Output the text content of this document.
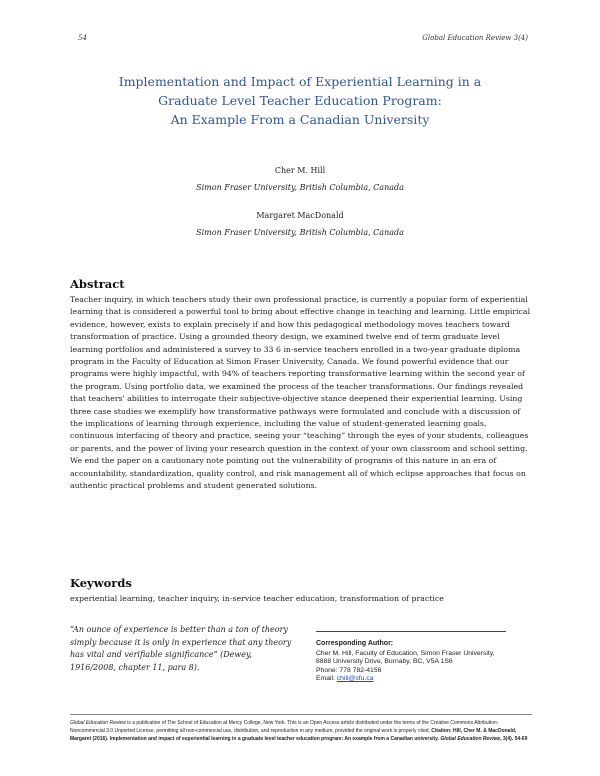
54	Global Education Review 3(4)
Implementation and Impact of Experiential Learning in a
Graduate Level Teacher Education Program:
An Example From a Canadian University
Cher M. Hill
Simon Fraser University, British Columbia, Canada
Margaret MacDonald
Simon Fraser University, British Columbia, Canada
Abstract
Teacher inquiry, in which teachers study their own professional practice, is currently a popular form of experiential learning that is considered a powerful tool to bring about effective change in teaching and learning. Little empirical evidence, however, exists to explain precisely if and how this pedagogical methodology moves teachers toward transformation of practice. Using a grounded theory design, we examined twelve end of term graduate level learning portfolios and administered a survey to 33 6 in-service teachers enrolled in a two-year graduate diploma program in the Faculty of Education at Simon Fraser University, Canada. We found powerful evidence that our programs were highly impactful, with 94% of teachers reporting transformative learning within the second year of the program. Using portfolio data, we examined the process of the teacher transformations. Our findings revealed that teachers' abilities to interrogate their subjective-objective stance deepened their experiential learning. Using three case studies we exemplify how transformative pathways were formulated and conclude with a discussion of the implications of learning through experience, including the value of student-generated learning goals, continuous interfacing of theory and practice, seeing your “teaching” through the eyes of your students, colleagues or parents, and the power of living your research question in the context of your own classroom and school setting. We end the paper on a cautionary note pointing out the vulnerability of programs of this nature in an era of accountability, standardization, quality control, and risk management all of which eclipse approaches that focus on authentic practical problems and student generated solutions.
Keywords
experiential learning, teacher inquiry, in-service teacher education, transformation of practice
“An ounce of experience is better than a ton of theory simply because it is only in experience that any theory has vital and verifiable significance” (Dewey, 1916/2008, chapter 11, para 8).
Corresponding Author:
Cher M. Hill, Faculty of Education, Simon Fraser University,
8888 University Drive, Burnaby, BC, V5A 1S6
Phone: 778 782-4156
Email: chill@sfu.ca
Global Education Review is a publication of The School of Education at Mercy College, New York. This is an Open Access article distributed under the terms of the Creative Commons Attribution-Noncommercial 3.0 Unported License, permitting all non-commercial use, distribution, and reproduction in any medium, provided the original work is properly cited. Citation: Hill, Cher M. & MacDonald, Margaret (2016). Implementation and impact of experiential learning in a graduate level teacher education program: An example from a Canadian university. Global Education Review, 3(4). 54-69
